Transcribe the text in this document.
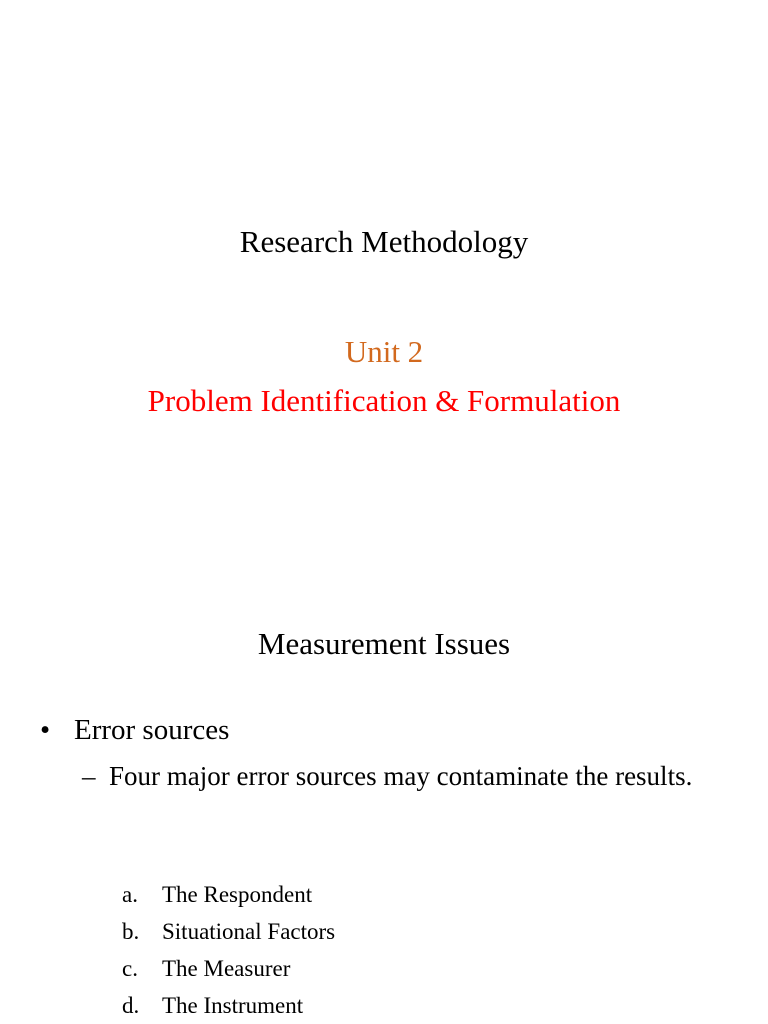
Research Methodology
Unit 2
Problem Identification & Formulation
Measurement Issues
• Error sources
– Four major error sources may contaminate the results.
a. The Respondent
b. Situational Factors
c. The Measurer
d. The Instrument
